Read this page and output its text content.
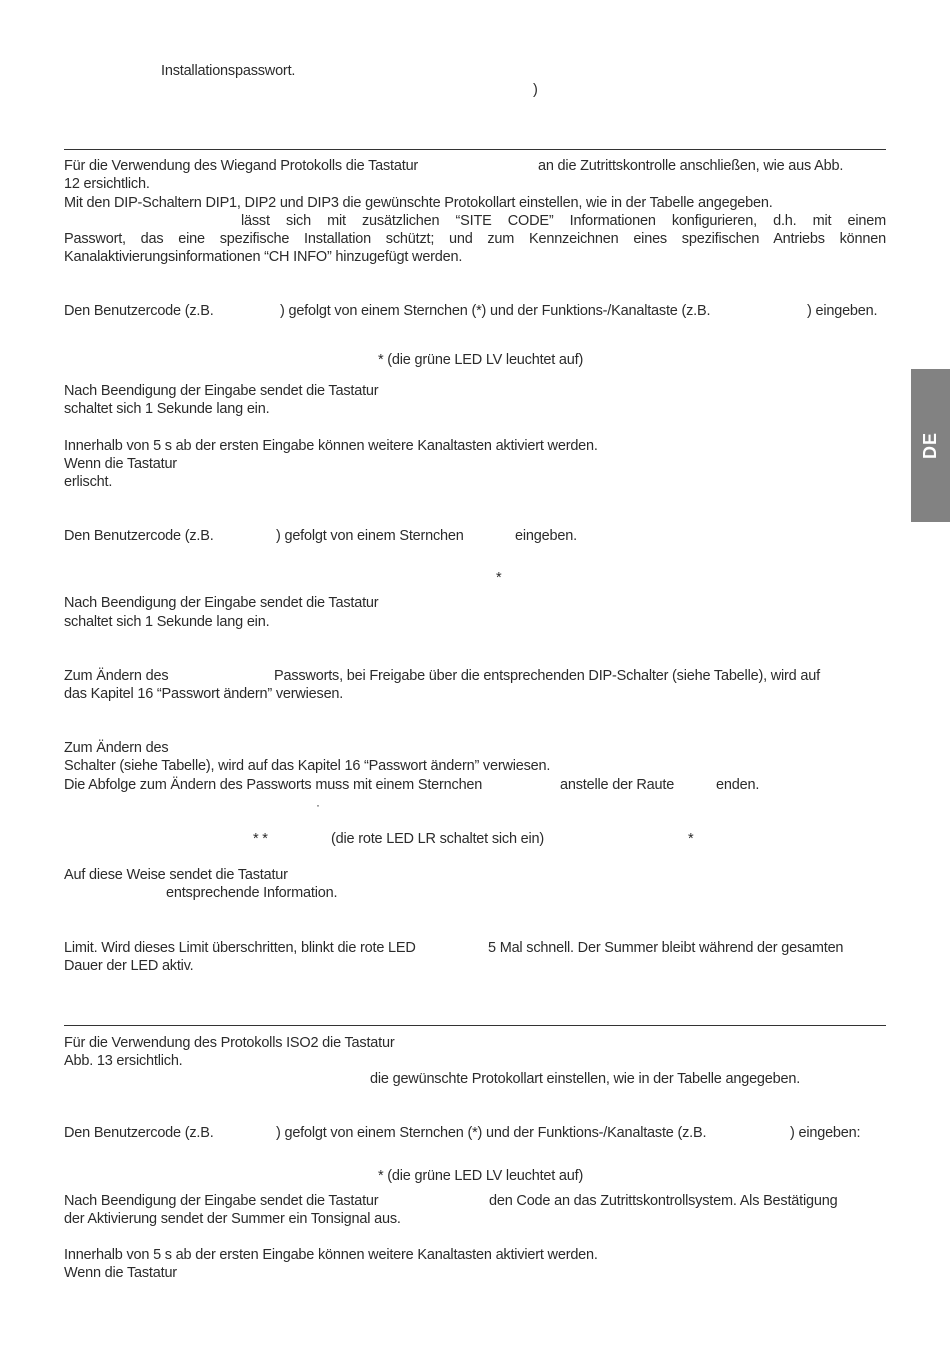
Installationspasswort.
)
Für die Verwendung des Wiegand Protokolls die Tastatur	an die Zutrittskontrolle anschließen, wie aus Abb.
12 ersichtlich.
Mit den DIP-Schaltern DIP1, DIP2 und DIP3 die gewünschte Protokollart einstellen, wie in der Tabelle angegeben.
lässt sich mit zusätzlichen “SITE CODE” Informationen konfigurieren, d.h. mit einem
Passwort, das eine spezifische Installation schützt; und zum Kennzeichnen eines spezifischen Antriebs können
Kanalaktivierungsinformationen “CH INFO” hinzugefügt werden.
Den Benutzercode (z.B.	) gefolgt von einem Sternchen (*) und der Funktions-/Kanaltaste (z.B.	) eingeben.
* (die grüne LED LV leuchtet auf)
Nach Beendigung der Eingabe sendet die Tastatur
schaltet sich 1 Sekunde lang ein.
Innerhalb von 5 s ab der ersten Eingabe können weitere Kanaltasten aktiviert werden.
Wenn die Tastatur
erlischt.
Den Benutzercode (z.B.	) gefolgt von einem Sternchen	eingeben.
*
Nach Beendigung der Eingabe sendet die Tastatur
schaltet sich 1 Sekunde lang ein.
Zum Ändern des	Passworts, bei Freigabe über die entsprechenden DIP-Schalter (siehe Tabelle), wird auf
das Kapitel 16 “Passwort ändern” verwiesen.
Zum Ändern des
Schalter (siehe Tabelle), wird auf das Kapitel 16 “Passwort ändern” verwiesen.
Die Abfolge zum Ändern des Passworts muss mit einem Sternchen	anstelle der Raute	enden.
·
* *	(die rote LED LR schaltet sich ein)	*
Auf diese Weise sendet die Tastatur
entsprechende Information.
Limit. Wird dieses Limit überschritten, blinkt die rote LED	5 Mal schnell. Der Summer bleibt während der gesamten
Dauer der LED aktiv.
Für die Verwendung des Protokolls ISO2 die Tastatur
Abb. 13 ersichtlich.
die gewünschte Protokollart einstellen, wie in der Tabelle angegeben.
Den Benutzercode (z.B.	) gefolgt von einem Sternchen (*) und der Funktions-/Kanaltaste (z.B.	) eingeben:
* (die grüne LED LV leuchtet auf)
Nach Beendigung der Eingabe sendet die Tastatur	den Code an das Zutrittskontrollsystem. Als Bestätigung
der Aktivierung sendet der Summer ein Tonsignal aus.
Innerhalb von 5 s ab der ersten Eingabe können weitere Kanaltasten aktiviert werden.
Wenn die Tastatur
DE
